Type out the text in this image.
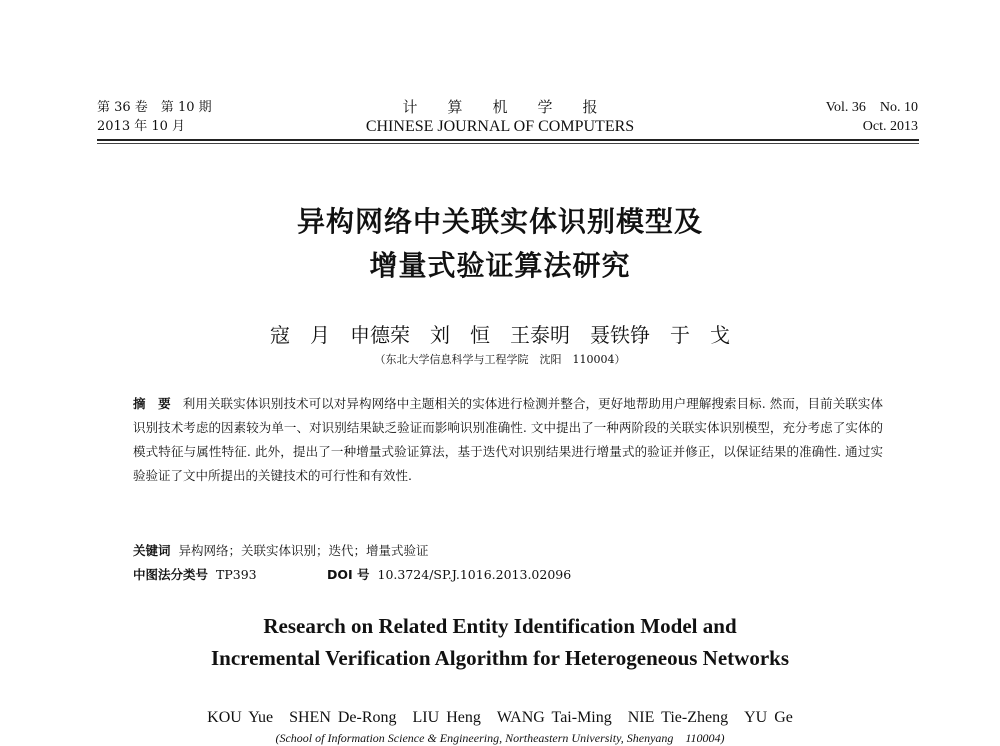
第 36 卷　第 10 期
2013 年 10 月
计　　算　　机　　学　　报
CHINESE JOURNAL OF COMPUTERS
Vol. 36　No. 10
Oct. 2013
异构网络中关联实体识别模型及
增量式验证算法研究
寇　月　申德荣　刘　恒　王泰明　聂铁铮　于　戈
（东北大学信息科学与工程学院　沈阳　110004）
摘　要 利用关联实体识别技术可以对异构网络中主题相关的实体进行检测并整合，更好地帮助用户理解搜索目标. 然而，目前关联实体识别技术考虑的因素较为单一、对识别结果缺乏验证而影响识别准确性. 文中提出了一种两阶段的关联实体识别模型，充分考虑了实体的模式特征与属性特征. 此外，提出了一种增量式验证算法，基于迭代对识别结果进行增量式的验证并修正，以保证结果的准确性. 通过实验验证了文中所提出的关键技术的可行性和有效性.
关键词 异构网络；关联实体识别；迭代；增量式验证
中图法分类号 TP393	DOI 号 10.3724/SP.J.1016.2013.02096
Research on Related Entity Identification Model and
Incremental Verification Algorithm for Heterogeneous Networks
KOU Yue　SHEN De-Rong　LIU Heng　WANG Tai-Ming　NIE Tie-Zheng　YU Ge
(School of Information Science & Engineering, Northeastern University, Shenyang　110004)
